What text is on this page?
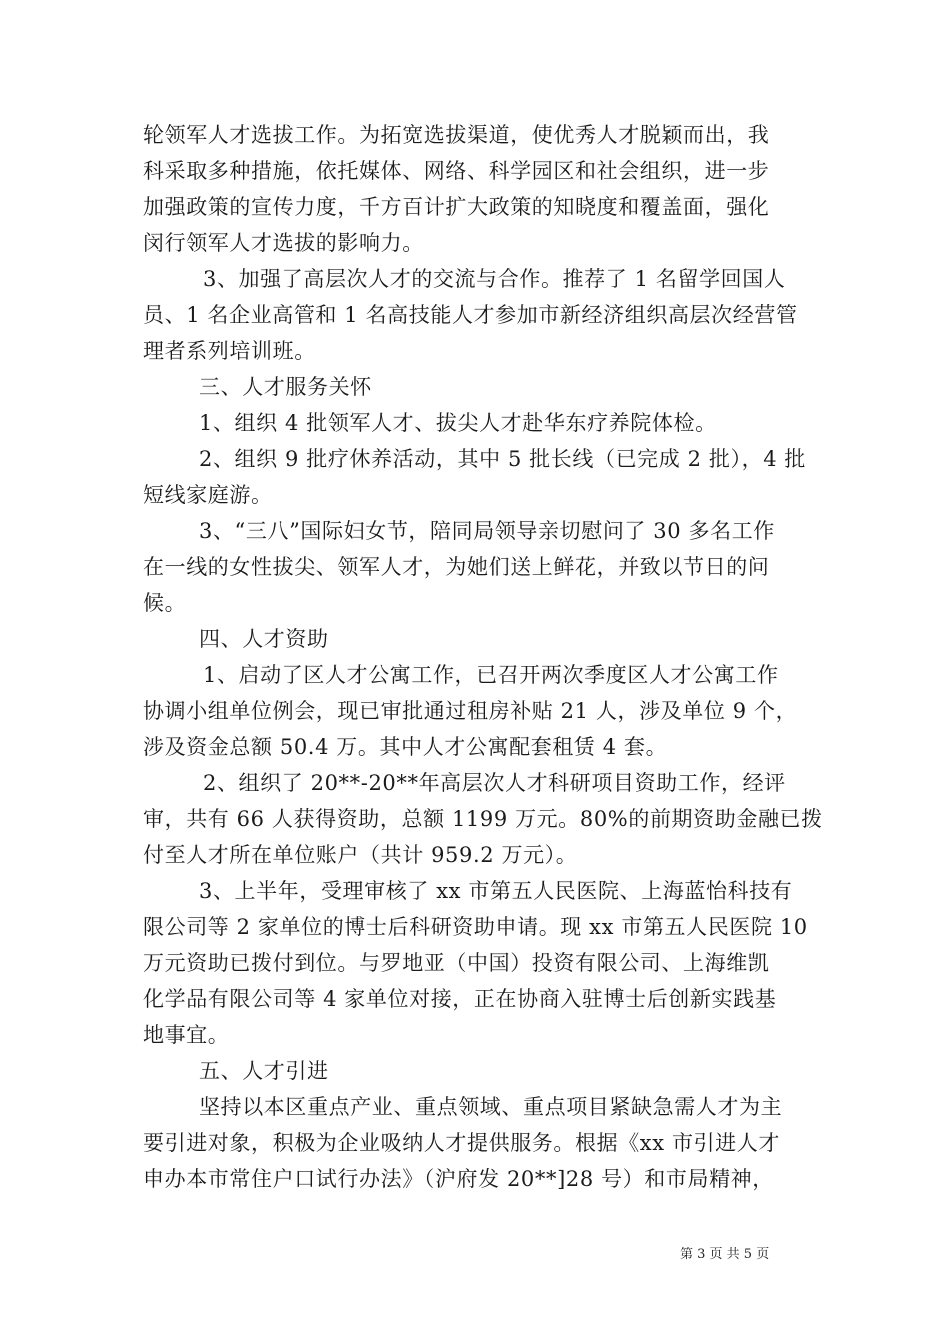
轮领军人才选拔工作。为拓宽选拔渠道，使优秀人才脱颖而出，我
科采取多种措施，依托媒体、网络、科学园区和社会组织，进一步
加强政策的宣传力度，千方百计扩大政策的知晓度和覆盖面，强化
闵行领军人才选拔的影响力。
3、加强了高层次人才的交流与合作。推荐了 1 名留学回国人
员、1 名企业高管和 1 名高技能人才参加市新经济组织高层次经营管
理者系列培训班。
三、人才服务关怀
1、组织 4 批领军人才、拔尖人才赴华东疗养院体检。
2、组织 9 批疗休养活动，其中 5 批长线（已完成 2 批），4 批
短线家庭游。
3、“三八”国际妇女节，陪同局领导亲切慰问了 30 多名工作
在一线的女性拔尖、领军人才，为她们送上鲜花，并致以节日的问
候。
四、人才资助
1、启动了区人才公寓工作，已召开两次季度区人才公寓工作
协调小组单位例会，现已审批通过租房补贴 21 人，涉及单位 9 个，
涉及资金总额 50.4 万。其中人才公寓配套租赁 4 套。
2、组织了 20**-20**年高层次人才科研项目资助工作，经评
审，共有 66 人获得资助，总额 1199 万元。80%的前期资助金融已拨
付至人才所在单位账户（共计 959.2 万元）。
3、上半年，受理审核了 xx 市第五人民医院、上海蓝怡科技有
限公司等 2 家单位的博士后科研资助申请。现 xx 市第五人民医院 10
万元资助已拨付到位。与罗地亚（中国）投资有限公司、上海维凯
化学品有限公司等 4 家单位对接，正在协商入驻博士后创新实践基
地事宜。
五、人才引进
坚持以本区重点产业、重点领域、重点项目紧缺急需人才为主
要引进对象，积极为企业吸纳人才提供服务。根据《xx 市引进人才
申办本市常住户口试行办法》（沪府发 20**]28 号）和市局精神，
第 3 页 共 5 页
